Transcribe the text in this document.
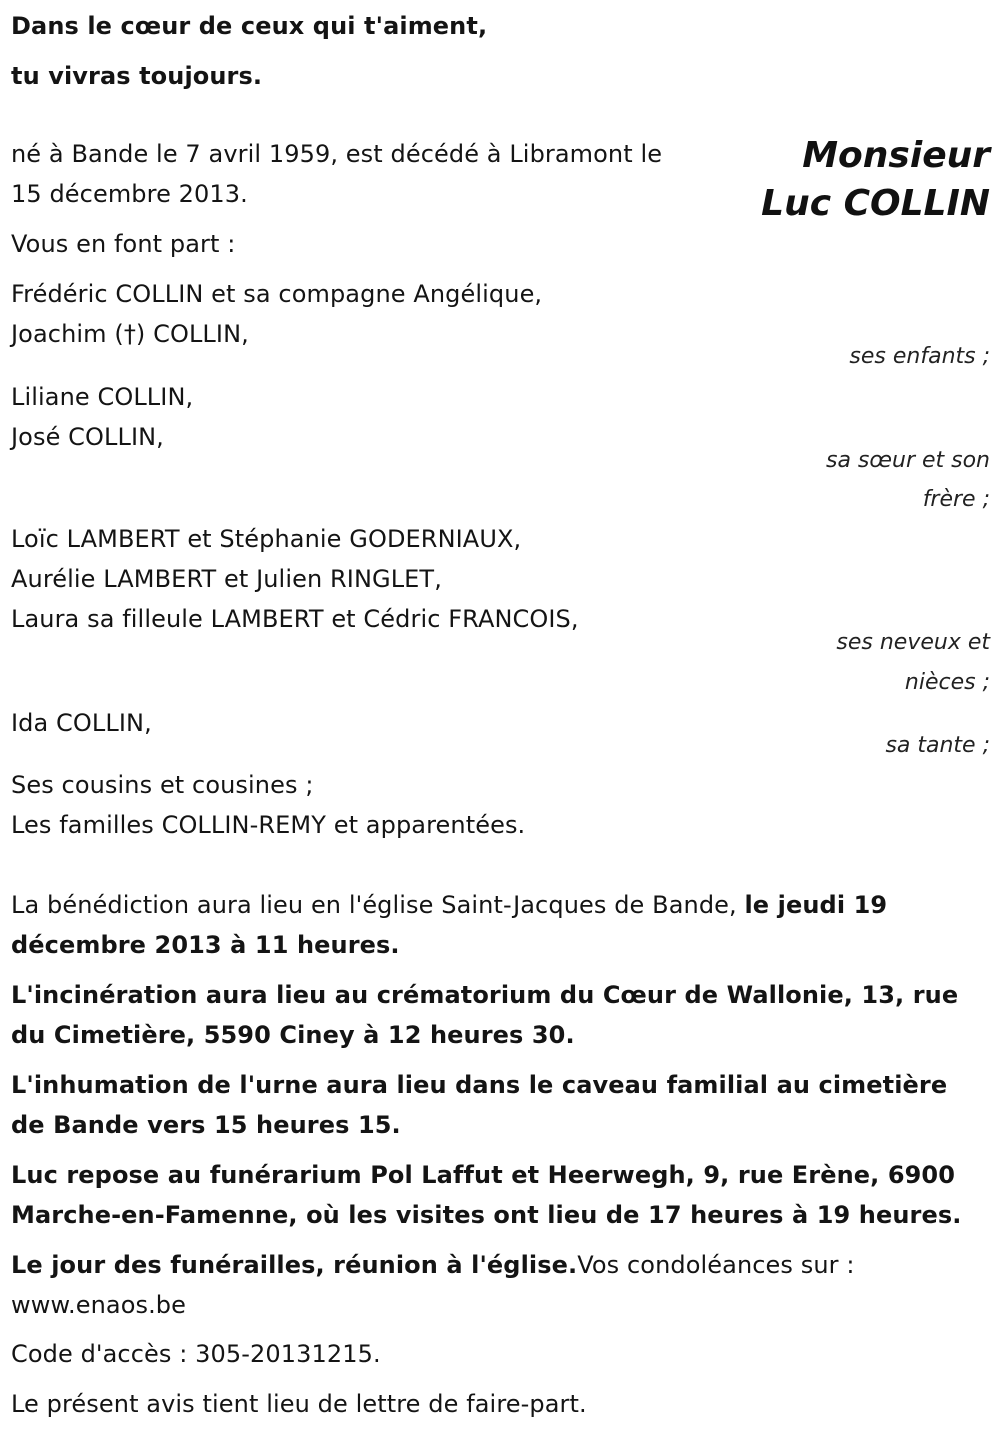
Dans le cœur de ceux qui t'aiment,
tu vivras toujours.
Monsieur
Luc COLLIN
né à Bande le 7 avril 1959, est décédé à Libramont le
15 décembre 2013.
Vous en font part :
Frédéric COLLIN et sa compagne Angélique,
Joachim (†) COLLIN,
ses enfants ;
Liliane COLLIN,
José COLLIN,
sa sœur et son
frère ;
Loïc LAMBERT et Stéphanie GODERNIAUX,
Aurélie LAMBERT et Julien RINGLET,
Laura sa filleule LAMBERT et Cédric FRANCOIS,
ses neveux et
nièces ;
Ida COLLIN,
sa tante ;
Ses cousins et cousines ;
Les familles COLLIN-REMY et apparentées.
La bénédiction aura lieu en l'église Saint-Jacques de Bande, le jeudi 19
décembre 2013 à 11 heures.
L'incinération aura lieu au crématorium du Cœur de Wallonie, 13, rue
du Cimetière, 5590 Ciney à 12 heures 30.
L'inhumation de l'urne aura lieu dans le caveau familial au cimetière
de Bande vers 15 heures 15.
Luc repose au funérarium Pol Laffut et Heerwegh, 9, rue Erène, 6900
Marche-en-Famenne, où les visites ont lieu de 17 heures à 19 heures.
Le jour des funérailles, réunion à l'église.Vos condoléances sur :
www.enaos.be
Code d'accès : 305-20131215.
Le présent avis tient lieu de lettre de faire-part.
